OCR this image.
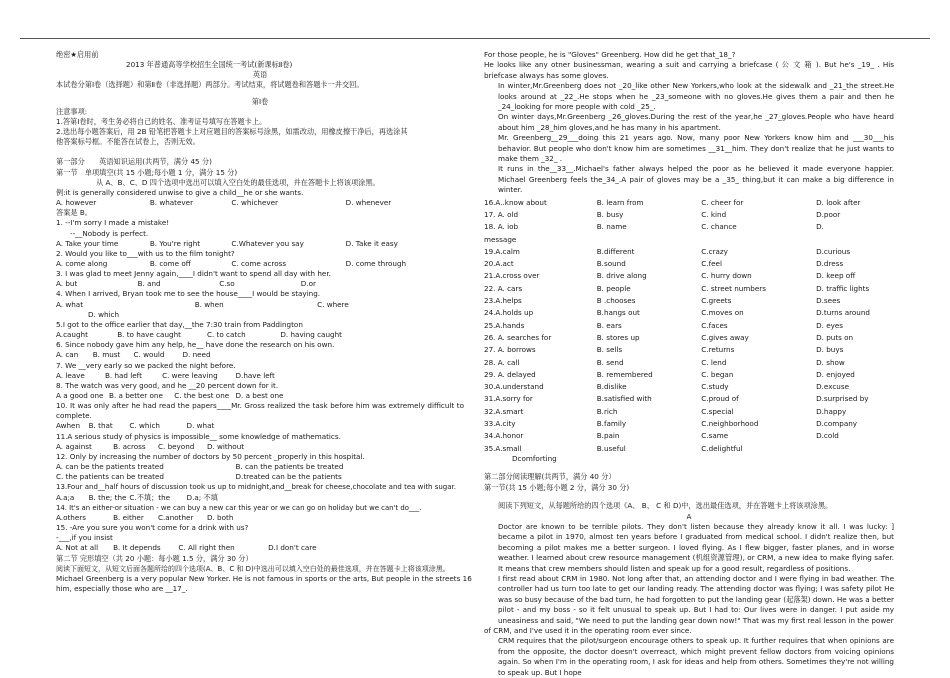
绝密★启用前
2013 年普通高等学校招生全国统一考试(新课标Ⅱ卷)
英语
本试卷分第Ⅰ卷（选择题）和第Ⅱ卷（非选择题）两部分。考试结束，将试题卷和答题卡一并交回。
第Ⅰ卷
注意事项:
1.答第Ⅰ卷时，考生务必将自己的姓名、准考证号填写在答题卡上。
2.选出每小题答案后，用 2B 铅笔把答题卡上对应题目的答案标号涂黑，如需改动，用橡皮擦干净后，再选涂其
他答案标号框。不能答在试卷上，否则无效。
第一部分　　英语知识运用(共两节，满分 45 分)
第一节　单项填空(共 15 小题;每小题 1 分，满分 15 分)
从 A、B、C、D 四个选项中选出可以填入空白处的最佳选项，并在答题卡上将该项涂黑。
例:it is generally considered unwise to give a child__he or she wants.
A. however	B. whatever	C. whichever	D. whenever
答案是 B。
1. --I'm sorry I made a mistake!
--__Nobody is perfect.
A. Take your time	B. You're right	C.Whatever you say	D. Take it easy
2. Would you like to___with us to the film tonight?
A. come along	B. come off	C. come across	D. come through
3. I was glad to meet Jenny again,____I didn't want to spend all day with her.
A. but	B. and	C.so	D.or
4. When I arrived, Bryan took me to see the house____I would be staying.
A. what	B. when	C. where
D. which
5.I got to the office earlier that day,__the 7:30 train from Paddington
A.caught	B. to have caught	C. to catch	D. having caught
6. Since nobody gave him any help, he__ have done the research on his own.
A. can	B. must	C. would	D. need
7. We __very early so we packed the night before.
A. leave	B. had left	C. were leaving	D.have left
8. The watch was very good, and he __20 percent down for it.
A a good one B. a better one	C. the best one D. a best one
10. It was only after he had read the papers____Mr. Gross realized the task before him was extremely difficult to complete.
Awhen	B. that	C. which	D. what
11.A serious study of physics is impossible__ some knowledge of mathematics.
A. against	B. across	C. beyond	D. without
12. Only by increasing the number of doctors by 50 percent _properly in this hospital.
A. can be the patients treated	B. can the patients be treated
C. the patients can be treated	D.treated can be the patients
13.Four and__half hours of discussion took us up to midnight,and__break for cheese,chocolate and tea with sugar.
A.a;a	B. the; the C.不填；the	D.a; 不填
14. It's an either-or situation - we can buy a new car this year or we can go on holiday but we can't do___.
A.others	B. either	C.another	D. both
15. -Are you sure you won't come for a drink with us?
-___,if you insist
A. Not at all	B. It depends	C. All right then	D.I don't care
第二节 完形填空（共 20 小题：每小题 1.5 分，满分 30 分）
阅读下面短文，从短文后面各题所给的四个选项(A、B、C 和 D)中选出可以填入空白处的最佳选项，并在答题卡上将该项涂黑。
Michael Greenberg is a very popular New Yorker. He is not famous in sports or the arts, But people in the streets 16
him, especially those who are __17_.
For those people, he is "Gloves" Greenberg. How did he get that_18_?
He looks like any otner businessman, wearing a suit and carrying a briefcase ( 公 文 箱 ). But he's _19_ . His briefcase always has some gloves.
In winter,Mr.Greenberg does not _20_like other New Yorkers,who look at the sidewalk and _21_the street.He looks around at _22_.He stops when he _23_someone with no gloves.He gives them a pair and then he _24_looking for more people with cold _25_.
On winter days,Mr.Greenberg _26_gloves.During the rest of the year,he _27_gloves.People who have heard about him _28_him gloves,and he has many in his apartment.
Mr. Greenberg__29___doing this 21 years ago. Now, many poor New Yorkers know him and ___30___his behavior. But people who don't know him are sometimes __31__him. They don't realize that he just wants to make them _32_ .
It runs in the__33__.Michael's father always helped the poor as he believed it made everyone happier. Michael Greenberg feels the_34_.A pair of gloves may be a _35_ thing,but it can make a big difference in winter.
16.A..know about	B. learn from	C. cheer for	D. look after
17. A. old	B. busy	C. kind	D.poor
18. A. iob	B. name	C. chance	D.
message
19.A.calm	B.different	C.crazy	D.curious
20.A.act	B.sound	C.feel	D.dress
21.A.cross over	B. drive along	C. hurry down	D. keep off
22. A. cars	B. people	C. street numbers	D. traffic lights
23.A.helps	B .chooses	C.greets	D.sees
24.A.holds up	B.hangs out	C.moves on	D.turns around
25.A.hands	B. ears	C.faces	D. eyes
26. A. searches for	B. stores up	C.gives away	D. puts on
27. A. borrows	B. sells	C.returns	D. buys
28. A. call	B. send	C. lend	D. show
29. A. delayed	B. remembered	C. began	D. enjoyed
30.A.understand	B.dislike	C.study	D.excuse
31.A.sorry for	B.satisfied with	C.proud of	D.surprised by
32.A.smart	B.rich	C.special	D.happy
33.A.city	B.family	C.neighborhood	D.company
34.A.honor	B.pain	C.same	D.cold
35.A.small	B.useful	C.delightful
Dcomforting
第二部分阅读理解(共两节，满分 40 分）
第一节(共 15 小题;每小题 2 分，满分 30 分)
阅读下列短文，从每题所给的四个选项《A、 B、 C 和 D)中，选出最佳选项，并在答题卡上将该项涂黑。
A
Doctor are known to be terrible pilots. They don't listen because they already know it all. I was lucky: ] became a pilot in 1970, almost ten years before I graduated from medical school. I didn't realize then, but becoming a pilot makes me a better surgeon. I loved flying. As I flew bigger, faster planes, and in worse weather. I learned about crew resource management (机组资源管理), or CRM, a new idea to make flying safer. It means that crew members should listen and speak up for a good result, regardless of positions.
I first read about CRM in 1980. Not long after that, an attending doctor and I were flying in bad weather. The controller had us turn too late to get our landing ready. The attending doctor was flying; I was safety pilot He was so busy because of the bad turn, he had forgotten to put the landing gear (起落架) down. He was a better pilot - and my boss - so it felt unusual to speak up. But I had to: Our lives were in danger. I put aside my uneasiness and said, "We need to put the landing gear down now!" That was my first real lesson in the power
of CRM, and I've used it in the operating room ever since.
CRM requires that the pilot/surgeon encourage others to speak up. It further requires that when opinions are from the opposite, the doctor doesn't overreact, which might prevent fellow doctors from voicing opinions again. So when I'm in the operating room, I ask for ideas and help from others. Sometimes they're not willing to speak up. But I hope
